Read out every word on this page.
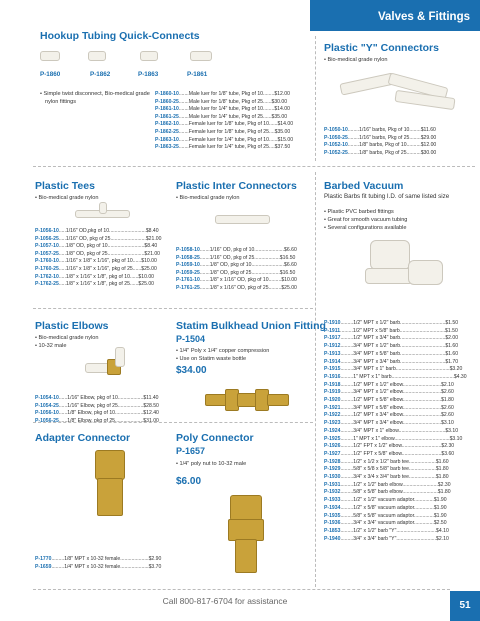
Valves & Fittings
Hookup Tubing Quick-Connects
P-1860	P-1862	P-1863	P-1861
• Simple twist disconnect, Bio-medical grade
nylon fittings
P-1860-10.......Male luer for 1/8" tube, Pkg of 10........$12.00
P-1860-25.......Male luer for 1/8" tube, Pkg of 25......$30.00
P-1861-10.......Male luer for 1/4" tube, Pkg of 10........$14.00
P-1861-25.......Male luer for 1/4" tube, Pkg of 25......$35.00
P-1862-10.......Female luer for 1/8" tube, Pkg of 10......$14.00
P-1862-25.......Female luer for 1/8" tube, Pkg of 25....$35.00
P-1863-10.......Female luer for 1/4" tube, Pkg of 10......$15.00
P-1863-25.......Female luer for 1/4" tube, Pkg of 25....$37.50
Plastic "Y" Connectors
• Bio-medical grade nylon
P-1050-10........1/16" barbs, Pkg of 10........$11.60
P-1050-25........1/16" barbs, Pkg of 25........$29.00
P-1052-10........1/8" barbs, Pkg of 10..........$12.00
P-1052-25........1/8" barbs, Pkg of 25..........$30.00
Plastic Tees
• Bio-medical grade nylon
P-1056-10.....1/16" OD,pkg of 10..........................$8.40
P-1056-25.....1/16" OD, pkg of 25.........................$21.00
P-1057-10.....1/8" OD, pkg of 10..........................$8.40
P-1057-25.....1/8" OD, pkg of 25..........................$21.00
P-1760-10.....1/16" x 1/8" x 1/16", pkg of 10......$10.00
P-1760-25.....1/16" x 1/8" x 1/16", pkg of 25......$25.00
P-1762-10.....1/8" x 1/16" x 1/8", pkg of 10......$10.00
P-1762-25.....1/8" x 1/16" x 1/8", pkg of 25......$25.00
Plastic Inter Connectors
• Bio-medical grade nylon
P-1058-10.......1/16" OD, pkg of 10.....................$6.60
P-1058-25.......1/16" OD, pkg of 25..................$16.50
P-1059-10.......1/8" OD, pkg of 10.......................$6.60
P-1059-25.......1/8" OD, pkg of 25....................$16.50
P-1761-10.......1/8" x 1/16" OD, pkg of 10.........$10.00
P-1761-25.......1/8" x 1/16" OD, pkg of 25.........$25.00
Barbed Vacuum
Plastic Barbs fit tubing I.D. of same listed size
• Plastic PVC barbed fittings
• Great for smooth vacuum tubing
• Several configurations available
P-1910.........1/2" MPT x 1/2" barb................................$1.50
P-1911.........1/2" MPT x 5/8" barb................................$1.50
P-1917.........1/2" MPT x 3/4" barb................................$2.00
P-1912.........3/4" MPT x 1/2" barb................................$1.60
P-1913.........3/4" MPT x 5/8" barb................................$1.60
P-1914.........3/4" MPT x 3/4" barb................................$1.70
P-1915.........3/4" MPT x 1" barb......................................$3.20
P-1916.........1" MPT x 1" barb............................................$4.30
P-1918.........1/2" MPT x 1/2" elbow...........................$2.10
P-1919.........3/4" MPT x 1/2" elbow...........................$2.60
P-1920.........1/2" MPT x 5/8" elbow...........................$1.80
P-1921.........3/4" MPT x 5/8" elbow...........................$2.60
P-1922.........1/2" MPT x 3/4" elbow...........................$2.60
P-1923.........3/4" MPT x 3/4" elbow...........................$3.10
P-1924.........3/4" MPT x 1" elbow.................................$3.10
P-1925.........1" MPT x 1" elbow.......................................$3.10
P-1926.........1/2" FPT x 1/2" elbow............................$2.30
P-1927.........1/2" FPT x 5/8" elbow............................$3.60
P-1928.........1/2" x 1/2 x 1/2" barb tee...................$1.60
P-1929.........5/8" x 5/8 x 5/8" barb tee...................$1.80
P-1930.........3/4" x 3/4 x 3/4" barb tee...................$1.80
P-1931.........1/2" x 1/2" barb elbow.........................$2.30
P-1932.........5/8" x 5/8" barb elbow.........................$1.80
P-1933.........1/2" x 1/2" vacuum adaptor..............$1.90
P-1934.........1/2" x 5/8" vacuum adaptor..............$1.90
P-1935.........5/8" x 5/8" vacuum adaptor..............$1.90
P-1936.........3/4" x 3/4" vacuum adaptor..............$2.50
P-1853.........1/2" x 1/2" barb "Y"............................$4.10
P-1940.........3/4" x 3/4" barb "Y"............................$2.10
Plastic Elbows
• Bio-medical grade nylon
• 10-32 male
P-1054-10......1/16" Elbow, pkg of 10..................$11.40
P-1054-25......1/16" Elbow, pkg of 25..................$28.50
P-1056-10......1/8" Elbow, pkg of 10....................$12.40
P-1056-25......1/8" Elbow, pkg of 25....................$31.00
Statim Bulkhead Union Fitting
P-1504
• 1/4" Poly x 1/4" copper compression
• Use on Statim waste bottle
$34.00
Adapter Connector
P-1770.........1/8" MPT x 10-32 female....................$2.90
P-1659.........1/4" MPT x 10-32 female....................$3.70
Poly Connector
P-1657
• 1/4" poly nut to 10-32 male
$6.00
Call 800-817-6704 for assistance	51
